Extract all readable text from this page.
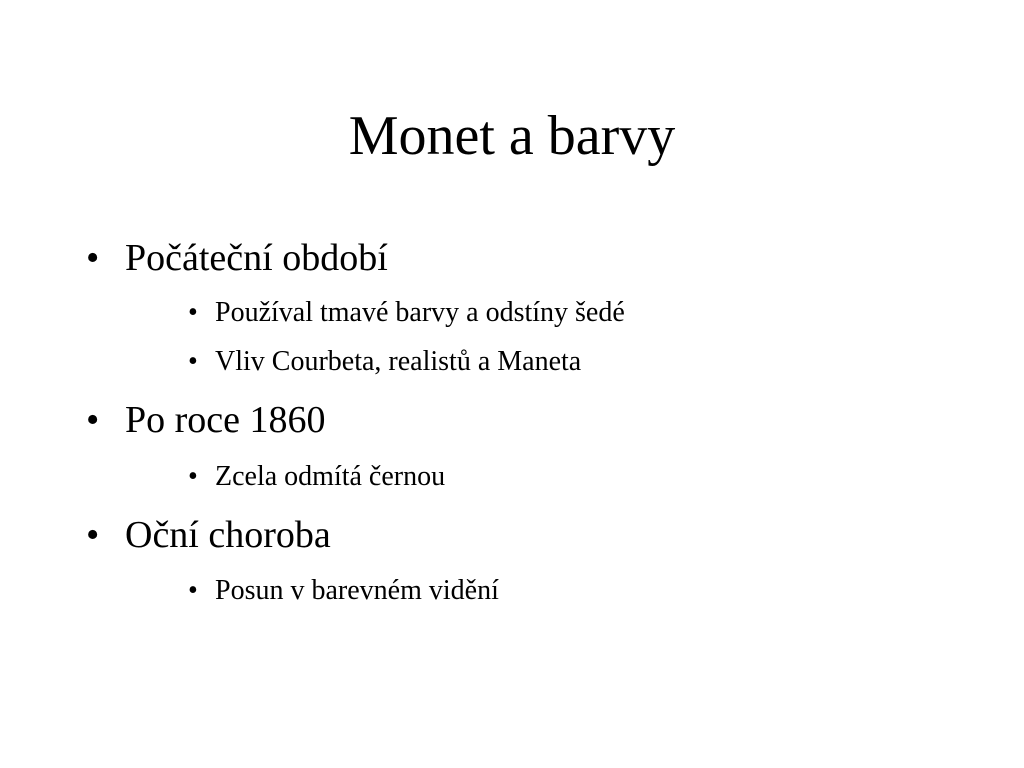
Monet a barvy
• Počáteční období
• Používal tmavé barvy a odstíny šedé
• Vliv Courbeta, realistů a Maneta
• Po roce 1860
• Zcela odmítá černou
• Oční choroba
• Posun v barevném vidění
